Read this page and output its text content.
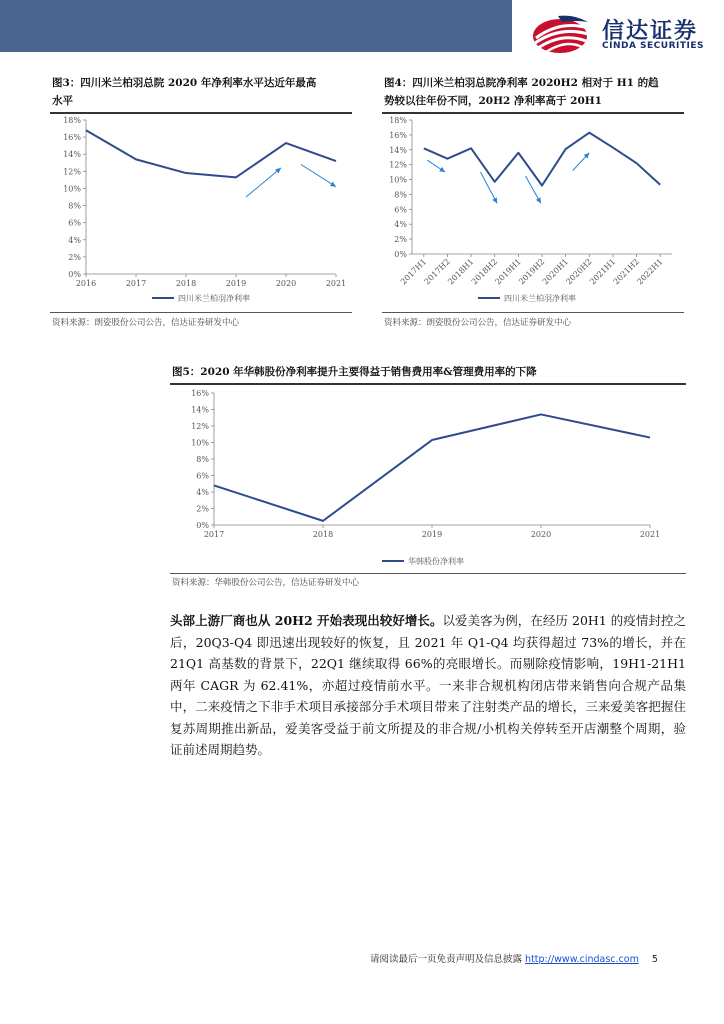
信达证券
CINDA SECURITIES
图3：四川米兰柏羽总院 2020 年净利率水平达近年最高
水平
0%
2%
4%
6%
8%
10%
12%
14%
16%
18%
2016	2017	2018	2019	2020	2021
四川米兰柏羽净利率
资料来源：朗姿股份公司公告，信达证券研发中心
图4：四川米兰柏羽总院净利率 2020H2 相对于 H1 的趋
势较以往年份不同，20H2 净利率高于 20H1
0%
2%
4%
6%
8%
10%
12%
14%
16%
18%
2017H1
2017H2
2018H1
2018H2
2019H1
2019H2
2020H1
2020H2
2021H1
2021H2
2022H1
四川米兰柏羽净利率
资料来源：朗姿股份公司公告，信达证券研发中心
图5：2020 年华韩股份净利率提升主要得益于销售费用率&管理费用率的下降
0%
2%
4%
6%
8%
10%
12%
14%
16%
2017	2018	2019	2020	2021
华韩股份净利率
资料来源：华韩股份公司公告，信达证券研发中心
头部上游厂商也从 20H2 开始表现出较好增长。以爱美客为例，在经历 20H1 的疫情封控之后，20Q3-Q4 即迅速出现较好的恢复，且 2021 年 Q1-Q4 均获得超过 73%的增长，并在 21Q1 高基数的背景下，22Q1 继续取得 66%的亮眼增长。而剔除疫情影响，19H1-21H1 两年 CAGR 为 62.41%，亦超过疫情前水平。一来非合规机构闭店带来销售向合规产品集中，二来疫情之下非手术项目承接部分手术项目带来了注射类产品的增长，三来爱美客把握住复苏周期推出新品，爱美客受益于前文所提及的非合规/小机构关停转至开店潮整个周期，验证前述周期趋势。
请阅读最后一页免责声明及信息披露 http://www.cindasc.com 5
